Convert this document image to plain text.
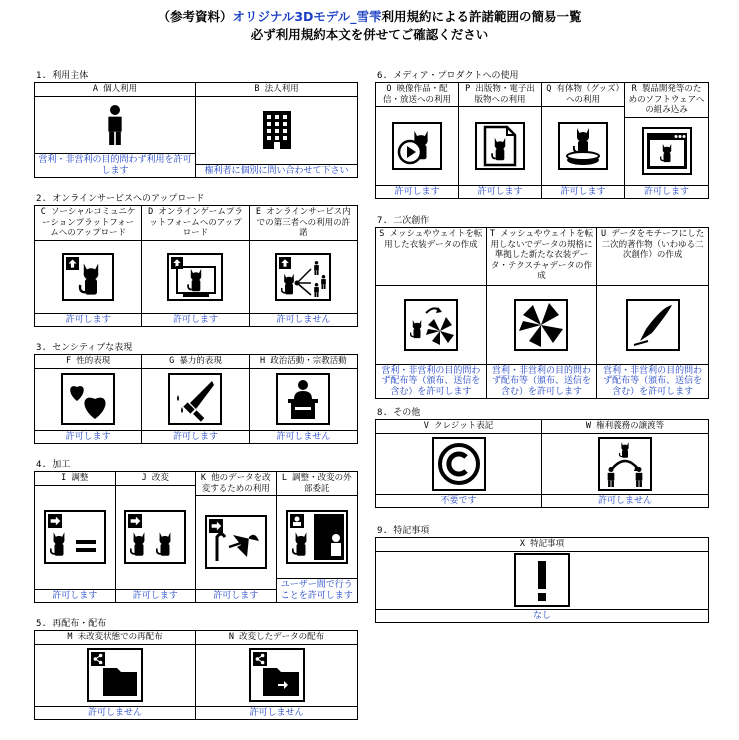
（参考資料）オリジナル3Dモデル_雪雫利用規約による許諾範囲の簡易一覧
必ず利用規約本文を併せてご確認ください
1. 利用主体
A 個人利用
営利・非営利の目的問わず利用を許可します
B 法人利用
権利者に個別に問い合わせて下さい
2. オンラインサービスへのアップロード
C ソーシャルコミュニケーションプラットフォームへのアップロード
許可します
D オンラインゲームプラットフォームへのアップロード
許可します
E オンラインサービス内での第三者への利用の許諾
許可しません
3. センシティブな表現
F 性的表現
許可します
G 暴力的表現
許可します
H 政治活動・宗教活動
許可しません
4. 加工
I 調整
許可します
J 改変
許可します
K 他のデータを改変するための利用
許可します
L 調整・改変の外部委託
ユーザー間で行うことを許可します
5. 再配布・配布
M 未改変状態での再配布
許可しません
N 改変したデータの配布
許可しません
6. メディア・プロダクトへの使用
O 映像作品・配信・放送への利用
許可します
P 出版物・電子出版物への利用
許可します
Q 有体物（グッズ）への利用
許可します
R 製品開発等のためのソフトウェアへの組み込み
許可します
7. 二次創作
S メッシュやウェイトを転用した衣装データの作成
営利・非営利の目的問わず配布等（頒布、送信を含む）を許可します
T メッシュやウェイトを転用しないでデータの規格に準拠した新たな衣装データ・テクスチャデータの作成
営利・非営利の目的問わず配布等（頒布、送信を含む）を許可します
U データをモチーフにした二次的著作物（いわゆる二次創作）の作成
営利・非営利の目的問わず配布等（頒布、送信を含む）を許可します
8. その他
V クレジット表記
不要です
W 権利義務の譲渡等
許可しません
9. 特記事項
X 特記事項
なし
